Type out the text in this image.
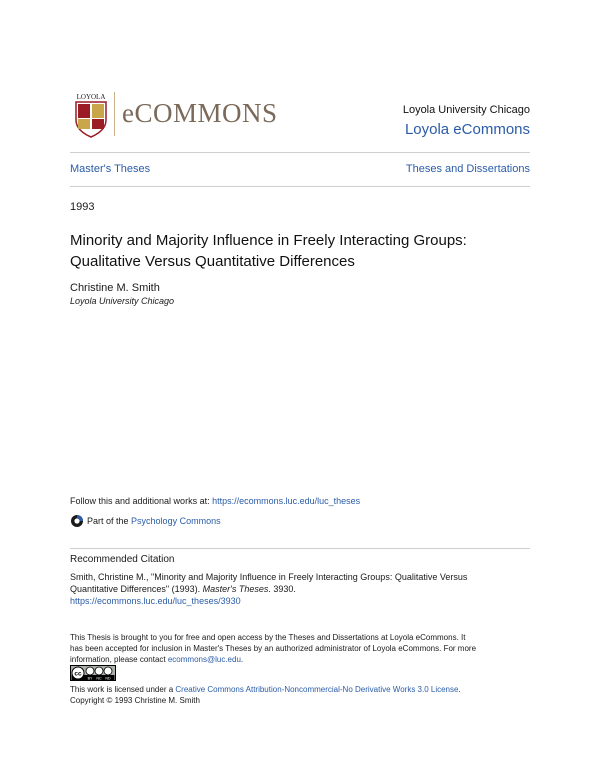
LOYOLA
eCOMMONS	Loyola University Chicago
Loyola eCommons
Master's Theses	Theses and Dissertations
1993
Minority and Majority Influence in Freely Interacting Groups:
Qualitative Versus Quantitative Differences
Christine M. Smith
Loyola University Chicago
Follow this and additional works at: https://ecommons.luc.edu/luc_theses
Part of the
Psychology Commons
Recommended Citation
Smith, Christine M., "Minority and Majority Influence in Freely Interacting Groups: Qualitative Versus
Quantitative Differences" (1993). Master's Theses. 3930.
https://ecommons.luc.edu/luc_theses/3930
This Thesis is brought to you for free and open access by the Theses and Dissertations at Loyola eCommons. It
has been accepted for inclusion in Master's Theses by an authorized administrator of Loyola eCommons. For more
information, please contact ecommons@luc.edu.
cc
BY NC ND
This work is licensed under a Creative Commons Attribution-Noncommercial-No Derivative Works 3.0 License.
Copyright © 1993 Christine M. Smith
